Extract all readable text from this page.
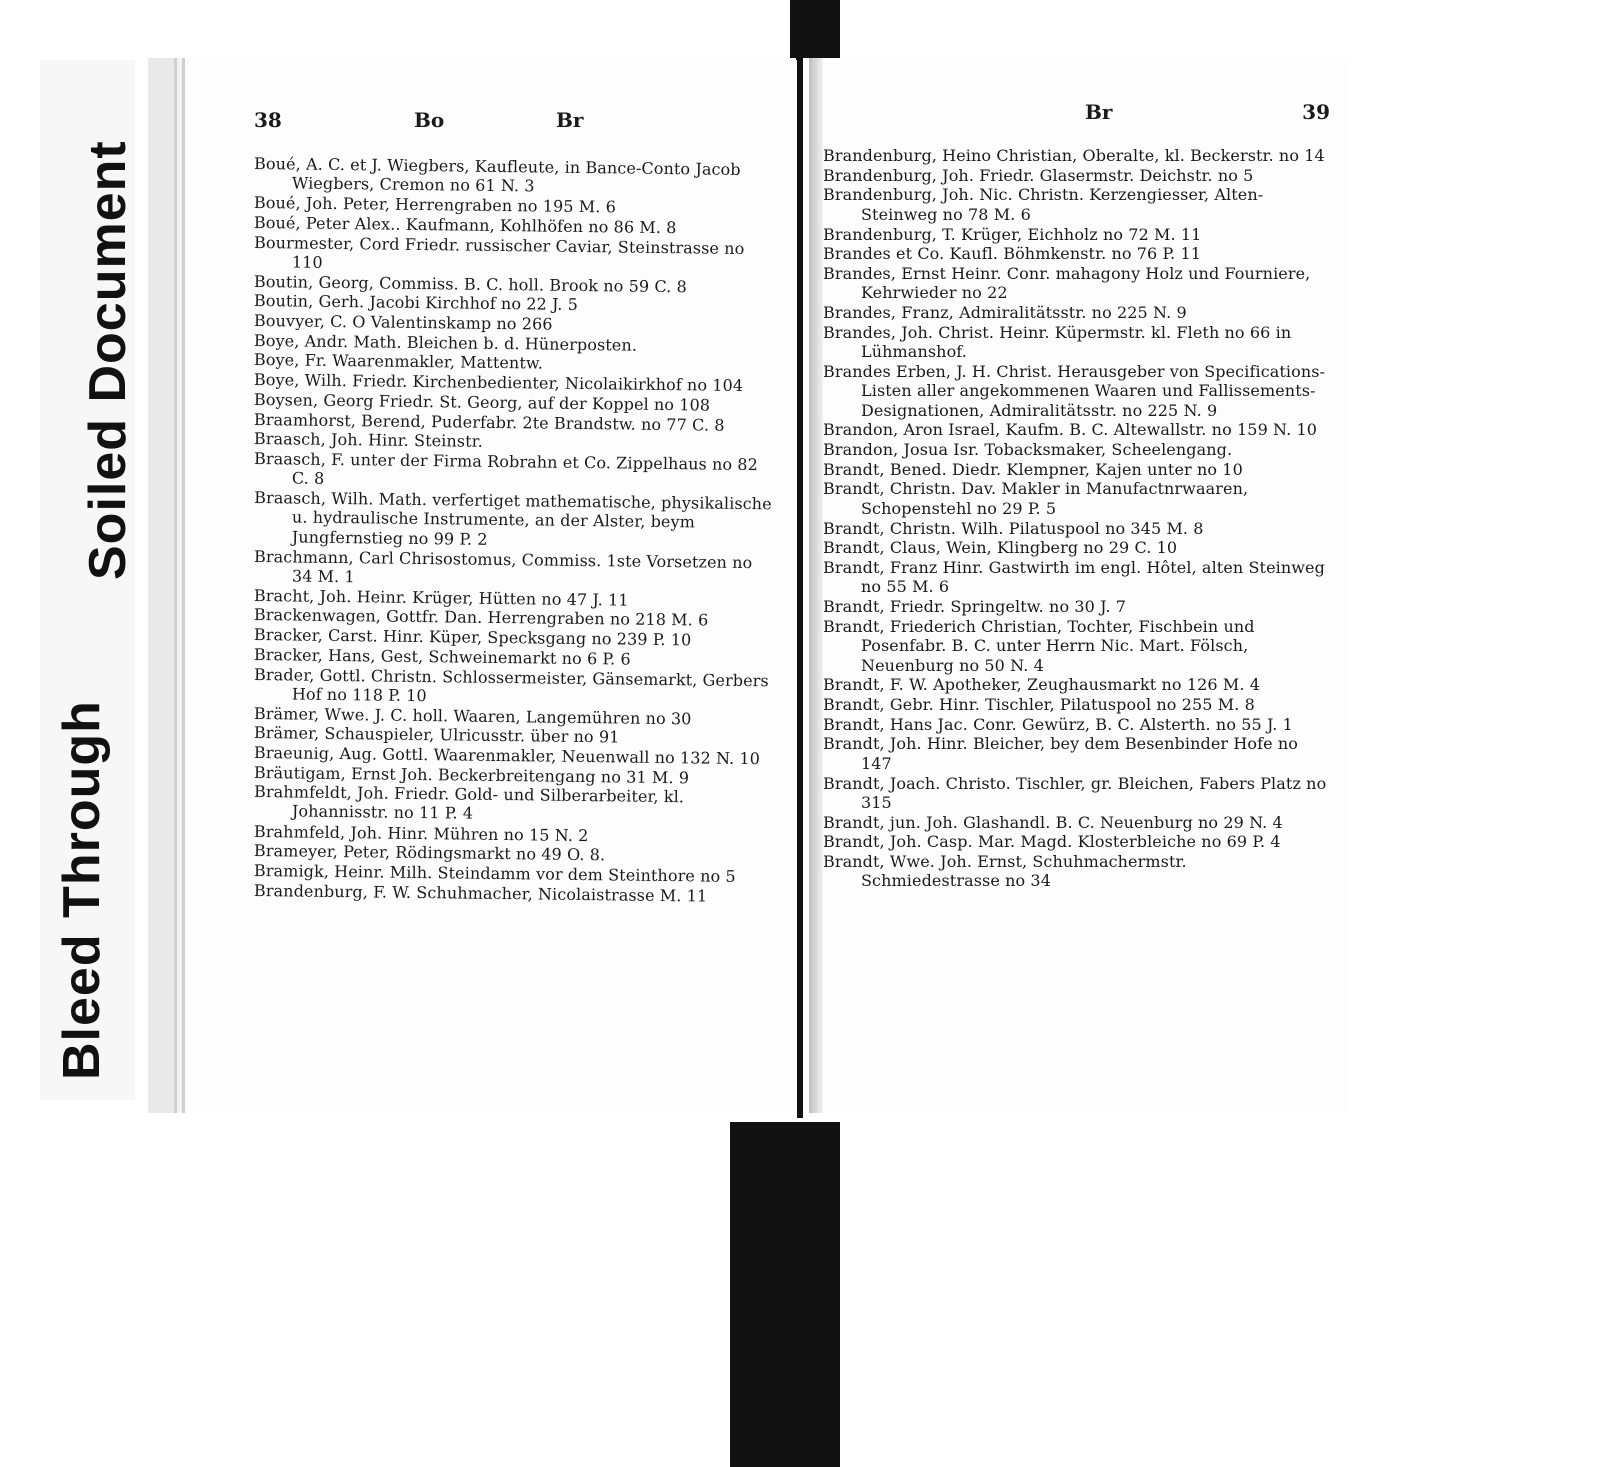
Bleed Through
Soiled Document
38	Bo	Br
Boué, A. C. et J. Wiegbers, Kaufleute, in Bance-Conto Jacob Wiegbers, Cremon no 61 N. 3
Boué, Joh. Peter, Herrengraben no 195 M. 6
Boué, Peter Alex.. Kaufmann, Kohlhöfen no 86 M. 8
Bourmester, Cord Friedr. russischer Caviar, Steinstrasse no 110
Boutin, Georg, Commiss. B. C. holl. Brook no 59 C. 8
Boutin, Gerh. Jacobi Kirchhof no 22 J. 5
Bouvyer, C. O Valentinskamp no 266
Boye, Andr. Math. Bleichen b. d. Hünerposten.
Boye, Fr. Waarenmakler, Mattentw.
Boye, Wilh. Friedr. Kirchenbedienter, Nicolaikirkhof no 104
Boysen, Georg Friedr. St. Georg, auf der Koppel no 108
Braamhorst, Berend, Puderfabr. 2te Brandstw. no 77 C. 8
Braasch, Joh. Hinr. Steinstr.
Braasch, F. unter der Firma Robrahn et Co. Zippelhaus no 82 C. 8
Braasch, Wilh. Math. verfertiget mathematische, physikalische u. hydraulische Instrumente, an der Alster, beym Jungfernstieg no 99 P. 2
Brachmann, Carl Chrisostomus, Commiss. 1ste Vorsetzen no 34 M. 1
Bracht, Joh. Heinr. Krüger, Hütten no 47 J. 11
Brackenwagen, Gottfr. Dan. Herrengraben no 218 M. 6
Bracker, Carst. Hinr. Küper, Specksgang no 239 P. 10
Bracker, Hans, Gest, Schweinemarkt no 6 P. 6
Brader, Gottl. Christn. Schlossermeister, Gänsemarkt, Gerbers Hof no 118 P. 10
Brämer, Wwe. J. C. holl. Waaren, Langemühren no 30
Brämer, Schauspieler, Ulricusstr. über no 91
Braeunig, Aug. Gottl. Waarenmakler, Neuenwall no 132 N. 10
Bräutigam, Ernst Joh. Beckerbreitengang no 31 M. 9
Brahmfeldt, Joh. Friedr. Gold- und Silberarbeiter, kl. Johannisstr. no 11 P. 4
Brahmfeld, Joh. Hinr. Mühren no 15 N. 2
Brameyer, Peter, Rödingsmarkt no 49 O. 8.
Bramigk, Heinr. Milh. Steindamm vor dem Steinthore no 5
Brandenburg, F. W. Schuhmacher, Nicolaistrasse M. 11
Br	39
Brandenburg, Heino Christian, Oberalte, kl. Beckerstr. no 14
Brandenburg, Joh. Friedr. Glasermstr. Deichstr. no 5
Brandenburg, Joh. Nic. Christn. Kerzengiesser, Alten-Steinweg no 78 M. 6
Brandenburg, T. Krüger, Eichholz no 72 M. 11
Brandes et Co. Kaufl. Böhmkenstr. no 76 P. 11
Brandes, Ernst Heinr. Conr. mahagony Holz und Fourniere, Kehrwieder no 22
Brandes, Franz, Admiralitätsstr. no 225 N. 9
Brandes, Joh. Christ. Heinr. Küpermstr. kl. Fleth no 66 in Lühmanshof.
Brandes Erben, J. H. Christ. Herausgeber von Specifications-Listen aller angekommenen Waaren und Fallissements-Designationen, Admiralitätsstr. no 225 N. 9
Brandon, Aron Israel, Kaufm. B. C. Altewallstr. no 159 N. 10
Brandon, Josua Isr. Tobacksmaker, Scheelengang.
Brandt, Bened. Diedr. Klempner, Kajen unter no 10
Brandt, Christn. Dav. Makler in Manufactnrwaaren, Schopenstehl no 29 P. 5
Brandt, Christn. Wilh. Pilatuspool no 345 M. 8
Brandt, Claus, Wein, Klingberg no 29 C. 10
Brandt, Franz Hinr. Gastwirth im engl. Hôtel, alten Steinweg no 55 M. 6
Brandt, Friedr. Springeltw. no 30 J. 7
Brandt, Friederich Christian, Tochter, Fischbein und Posenfabr. B. C. unter Herrn Nic. Mart. Fölsch, Neuenburg no 50 N. 4
Brandt, F. W. Apotheker, Zeughausmarkt no 126 M. 4
Brandt, Gebr. Hinr. Tischler, Pilatuspool no 255 M. 8
Brandt, Hans Jac. Conr. Gewürz, B. C. Alsterth. no 55 J. 1
Brandt, Joh. Hinr. Bleicher, bey dem Besenbinder Hofe no 147
Brandt, Joach. Christo. Tischler, gr. Bleichen, Fabers Platz no 315
Brandt, jun. Joh. Glashandl. B. C. Neuenburg no 29 N. 4
Brandt, Joh. Casp. Mar. Magd. Klosterbleiche no 69 P. 4
Brandt, Wwe. Joh. Ernst, Schuhmachermstr. Schmiedestrasse no 34
